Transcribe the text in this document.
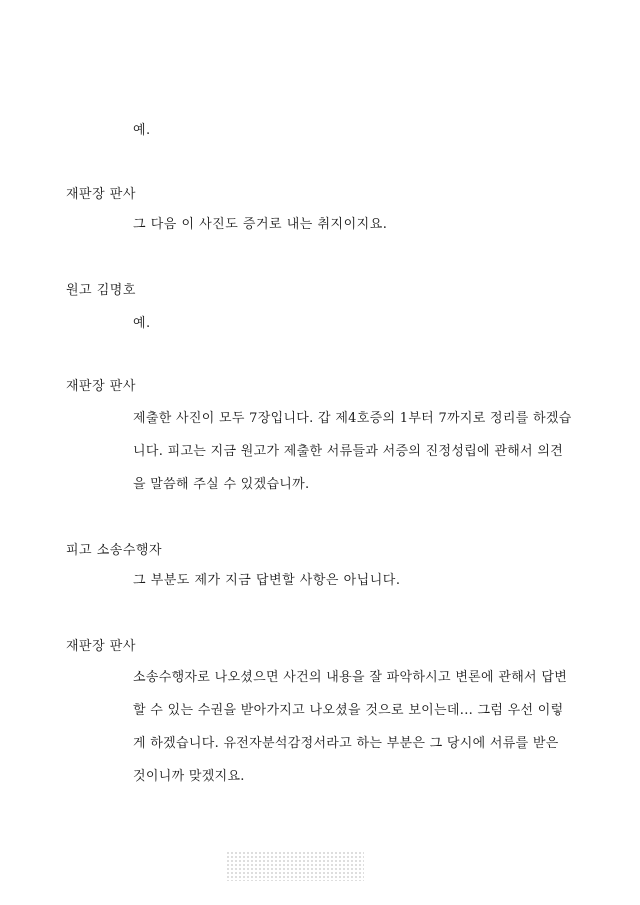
예.
재판장 판사
그 다음 이 사진도 증거로 내는 취지이지요.
원고 김명호
예.
재판장 판사
제출한 사진이 모두 7장입니다. 갑 제4호증의 1부터 7까지로 정리를 하겠습
니다. 피고는 지금 원고가 제출한 서류들과 서증의 진정성립에 관해서 의견
을 말씀해 주실 수 있겠습니까.
피고 소송수행자
그 부분도 제가 지금 답변할 사항은 아닙니다.
재판장 판사
소송수행자로 나오셨으면 사건의 내용을 잘 파악하시고 변론에 관해서 답변
할 수 있는 수권을 받아가지고 나오셨을 것으로 보이는데... 그럼 우선 이렇
게 하겠습니다. 유전자분석감정서라고 하는 부분은 그 당시에 서류를 받은
것이니까 맞겠지요.
